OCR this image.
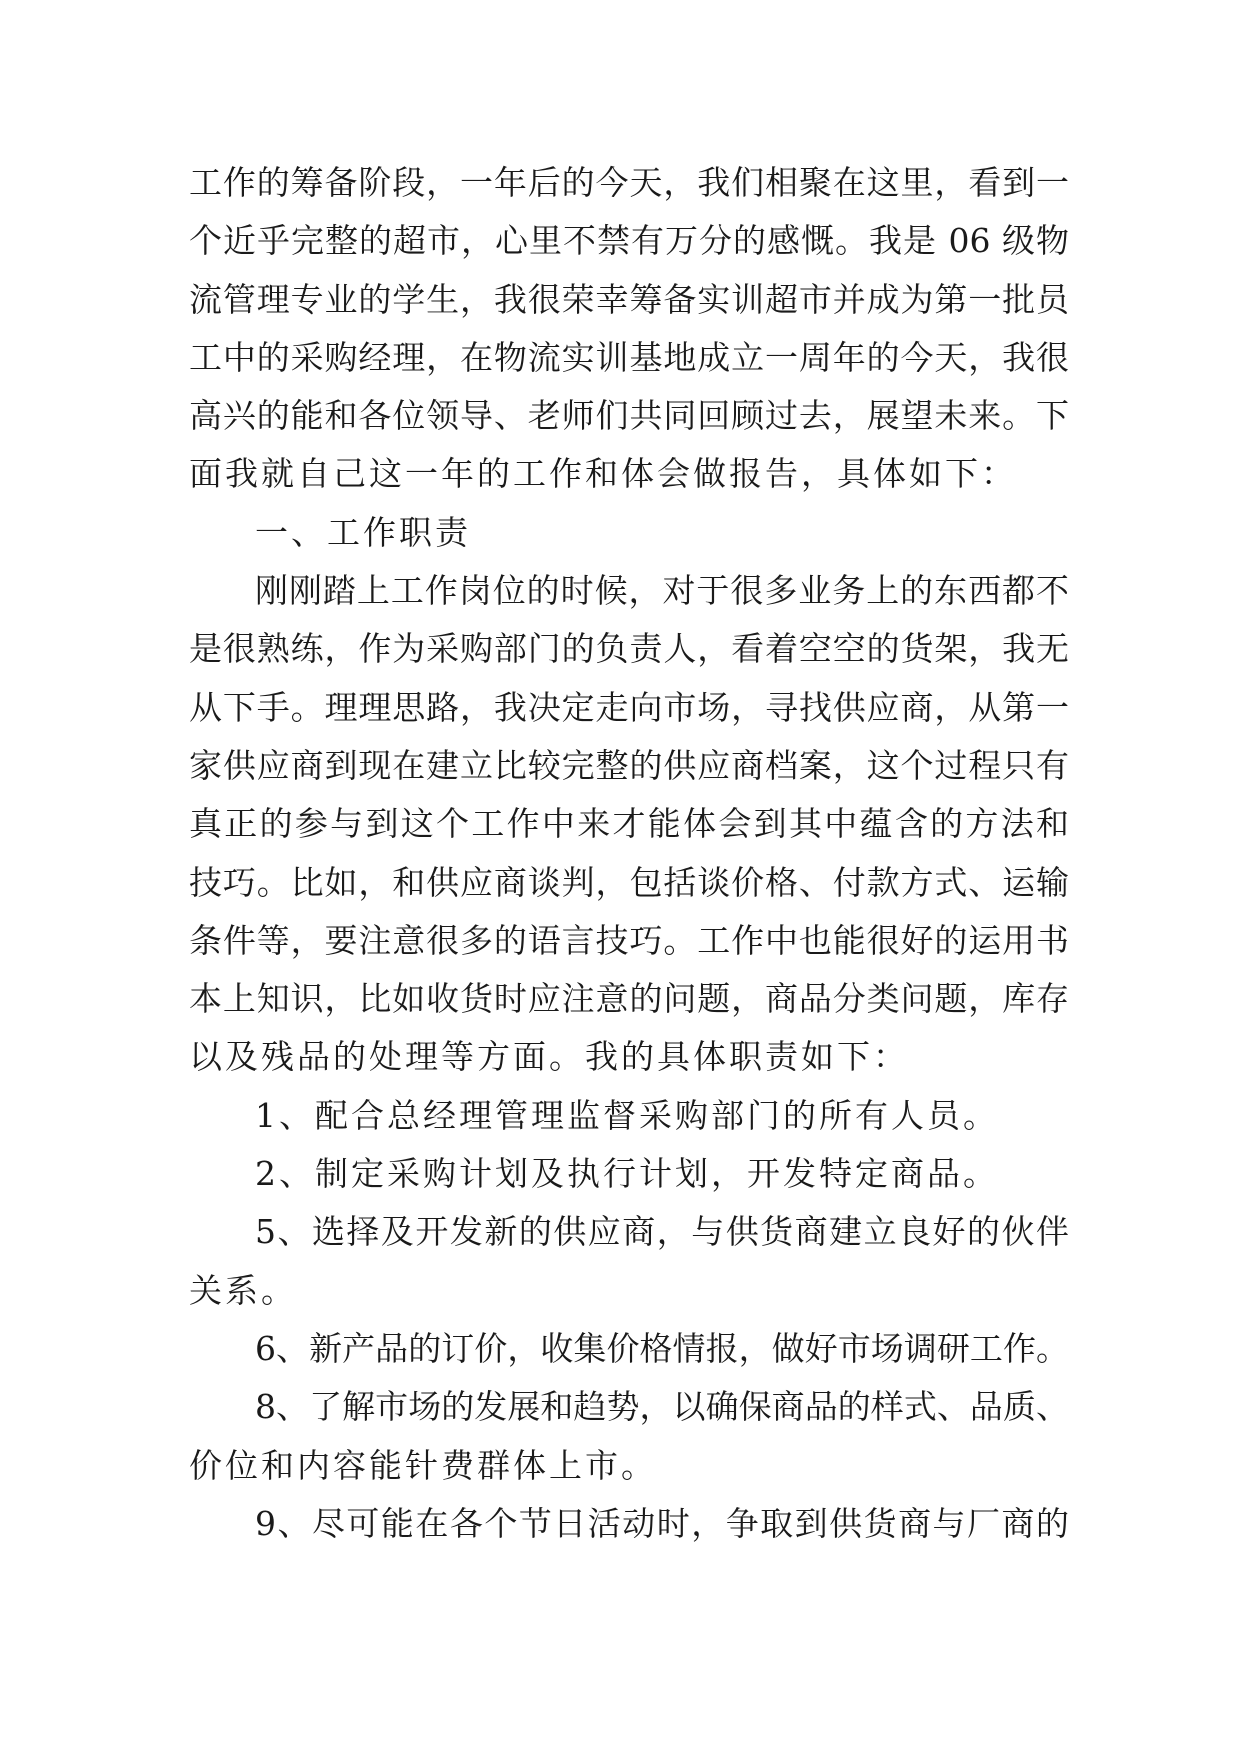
工作的筹备阶段，一年后的今天，我们相聚在这里，看到一
个近乎完整的超市，心里不禁有万分的感慨。我是 06 级物
流管理专业的学生，我很荣幸筹备实训超市并成为第一批员
工中的采购经理，在物流实训基地成立一周年的今天，我很
高兴的能和各位领导、老师们共同回顾过去，展望未来。下
面我就自己这一年的工作和体会做报告，具体如下：
一、工作职责
刚刚踏上工作岗位的时候，对于很多业务上的东西都不
是很熟练，作为采购部门的负责人，看着空空的货架，我无
从下手。理理思路，我决定走向市场，寻找供应商，从第一
家供应商到现在建立比较完整的供应商档案，这个过程只有
真正的参与到这个工作中来才能体会到其中蕴含的方法和
技巧。比如，和供应商谈判，包括谈价格、付款方式、运输
条件等，要注意很多的语言技巧。工作中也能很好的运用书
本上知识，比如收货时应注意的问题，商品分类问题，库存
以及残品的处理等方面。我的具体职责如下：
1、配合总经理管理监督采购部门的所有人员。
2、制定采购计划及执行计划，开发特定商品。
5、选择及开发新的供应商，与供货商建立良好的伙伴
关系。
6、新产品的订价，收集价格情报，做好市场调研工作。
8、了解市场的发展和趋势，以确保商品的样式、品质、
价位和内容能针费群体上市。
9、尽可能在各个节日活动时，争取到供货商与厂商的
